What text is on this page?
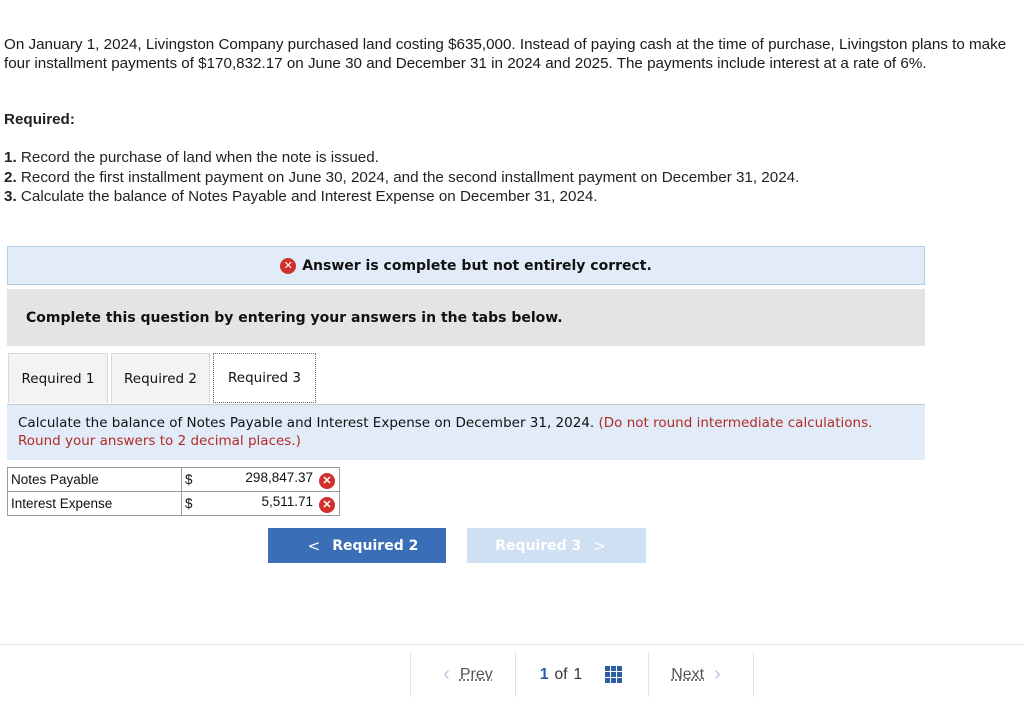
On January 1, 2024, Livingston Company purchased land costing $635,000. Instead of paying cash at the time of purchase, Livingston plans to make four installment payments of $170,832.17 on June 30 and December 31 in 2024 and 2025. The payments include interest at a rate of 6%.

Required:
1. Record the purchase of land when the note is issued.
2. Record the first installment payment on June 30, 2024, and the second installment payment on December 31, 2024.
3. Calculate the balance of Notes Payable and Interest Expense on December 31, 2024.
✕ Answer is complete but not entirely correct.
Complete this question by entering your answers in the tabs below.
Required 1	Required 2	Required 3
Calculate the balance of Notes Payable and Interest Expense on December 31, 2024. (Do not round intermediate calculations. Round your answers to 2 decimal places.)
Notes Payable	$	298,847.37 ✕
Interest Expense	$	5,511.71 ✕
< Required 2	Required 3 >
‹ Prev	1 of 1	Next ›
